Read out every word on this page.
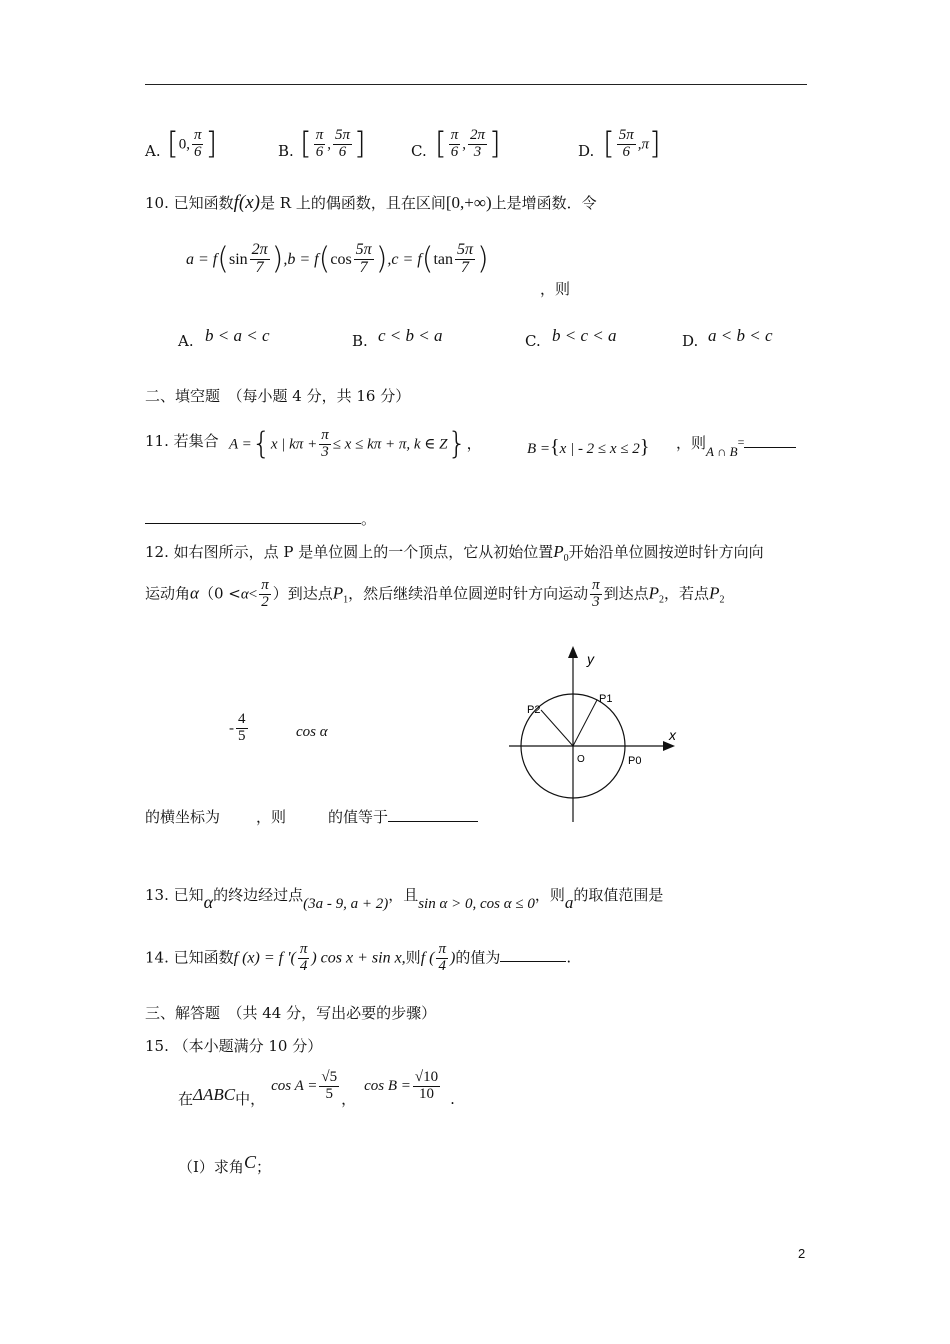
A. [0, $\frac{\pi}{6}$ ]	B. [ $\frac{\pi}{6}$ , $\frac{5\pi}{6}$ ]	C. [ $\frac{\pi}{6}$ , $\frac{2\pi}{3}$ ]	D. [ $\frac{5\pi}{6} ,\pi$]
10. 已知函数f(x)是 R 上的偶函数，且在区间[0,+∞)上是增函数．令
$a = f(\sin \frac{2\pi}{7} ),b = f(\cos \frac{5\pi}{7} ),c = f(\tan \frac{5\pi}{7}$ )
，则
A. b < a < c	B. c < b < a	C. b < c < a	D. a < b < c
二、填空题　（每小题 4 分，共 16 分）
11. 若集合 A ={x | $k\pi + \frac{\pi}{3} \le x \le k\pi + \pi$, k ∈ Z}，	B ={x | - 2 ≤ x ≤ 2} ，则A ∩ B=
。
12. 如右图所示，点 P 是单位圆上的一个顶点，它从初始位置$P_0$开始沿单位圆按逆时针方向向
运动角$\alpha(0 <\alpha< \frac{\pi}{2}$ ）到达点$P_1$，然后继续沿单位圆逆时针方向运动 $\frac{\pi}{3}$ 到达点$P_2$，若点$P_2$
- $\frac{4}{5}$	cos α
的横坐标为 ，则	的值等于
y
x
P1
P2
O	P0
13. 已知α的终边经过点(3a - 9, a + 2)，且sin α > 0, cos α ≤ 0，则a的取值范围是
14. 已知函数f (x) = f '( $\frac{\pi}{4}$ ) cos x + sin x,则f ( $\frac{\pi}{4}$ )的值为	.
三、解答题　（共 44 分，写出必要的步骤）
15. （本小题满分 10 分）
在ΔABC中，$\cos A = \frac{√5}{5}$ ，$\cos B = \frac{√10}{10}$ .
（Ⅰ）求角C；
2
